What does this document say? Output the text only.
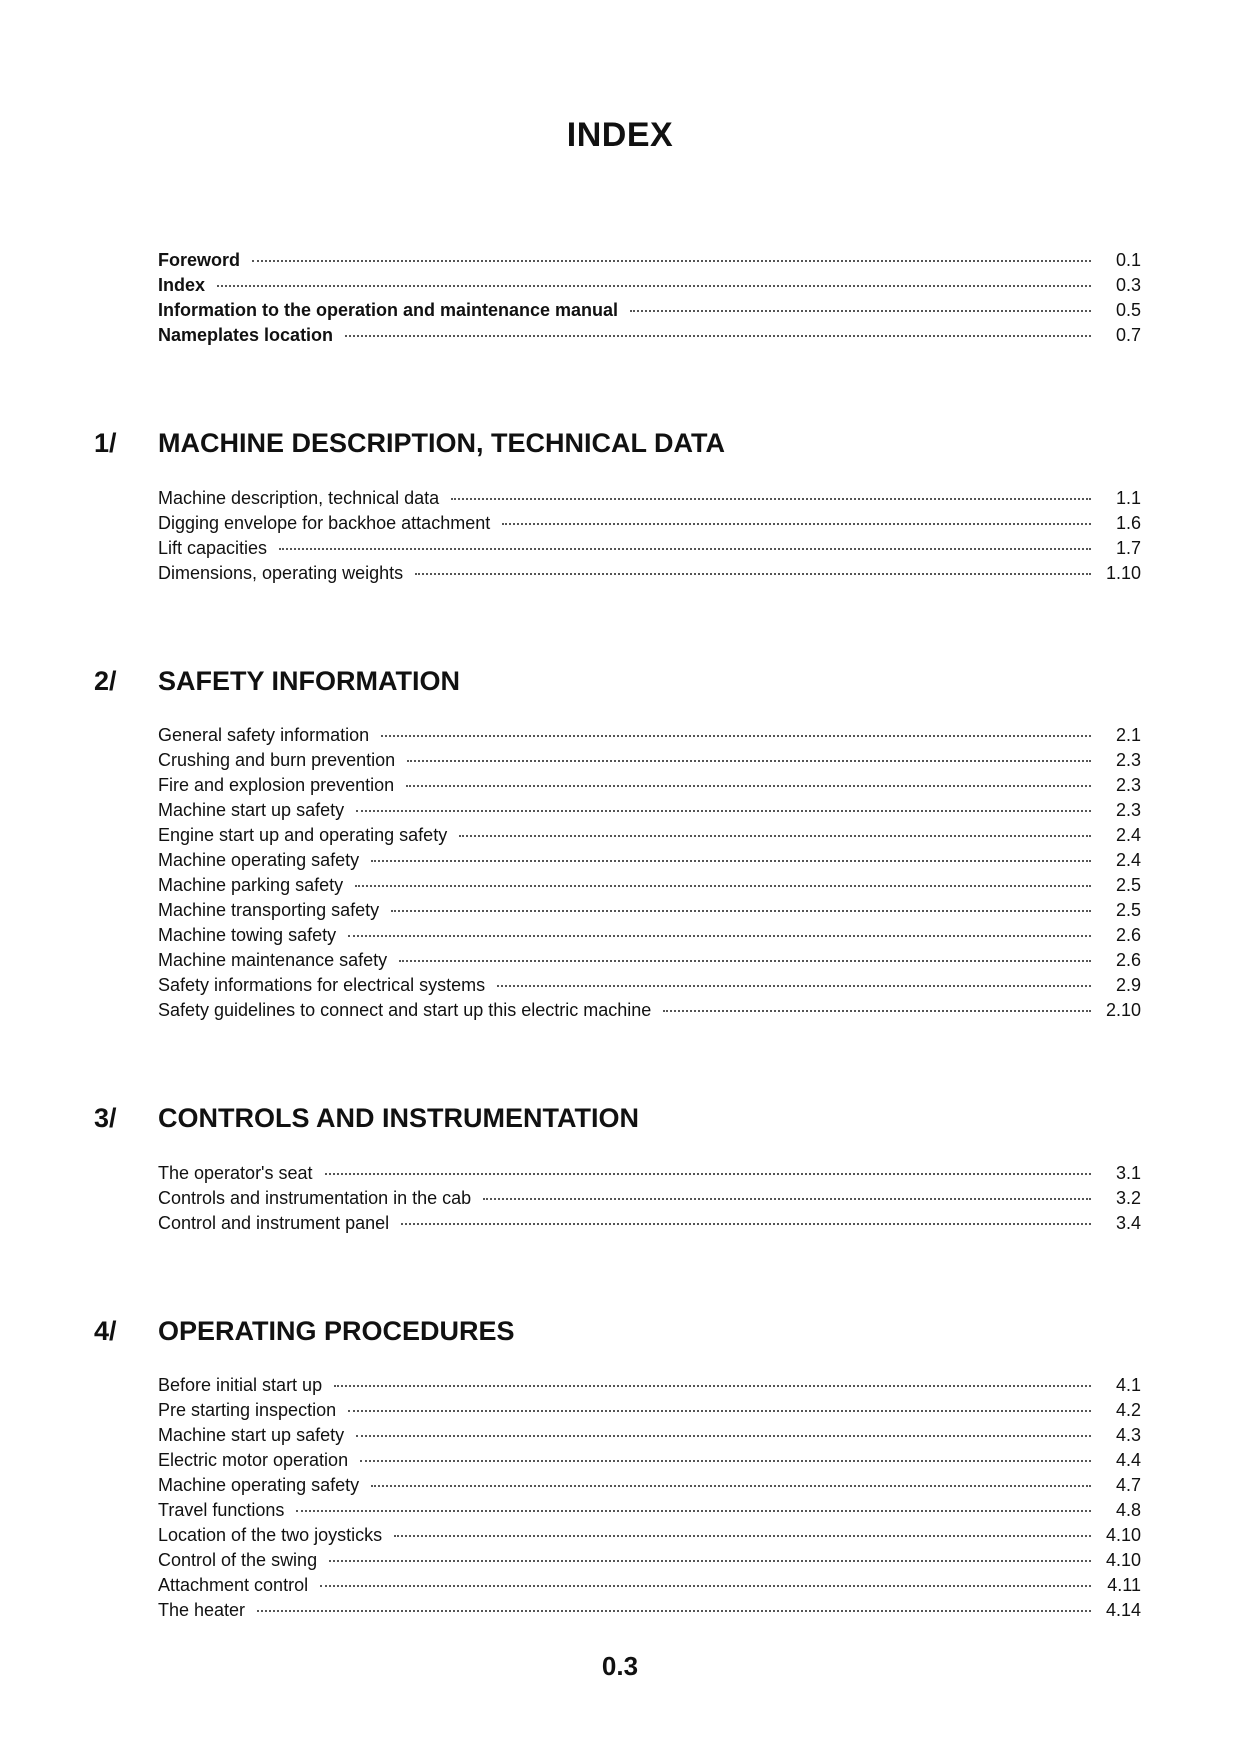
INDEX
Foreword	0.1
Index	0.3
Information to the operation and maintenance manual	0.5
Nameplates location	0.7
1/ MACHINE DESCRIPTION, TECHNICAL DATA
Machine description, technical data	1.1
Digging envelope for backhoe attachment	1.6
Lift capacities	1.7
Dimensions, operating weights	1.10
2/ SAFETY INFORMATION
General safety information	2.1
Crushing and burn prevention	2.3
Fire and explosion prevention	2.3
Machine start up safety	2.3
Engine start up and operating safety	2.4
Machine operating safety	2.4
Machine parking safety	2.5
Machine transporting safety	2.5
Machine towing safety	2.6
Machine maintenance safety	2.6
Safety informations for electrical systems	2.9
Safety guidelines to connect and start up this electric machine	2.10
3/ CONTROLS AND INSTRUMENTATION
The operator's seat	3.1
Controls and instrumentation in the cab	3.2
Control and instrument panel	3.4
4/ OPERATING PROCEDURES
Before initial start up	4.1
Pre starting inspection	4.2
Machine start up safety	4.3
Electric motor operation	4.4
Machine operating safety	4.7
Travel functions	4.8
Location of the two joysticks	4.10
Control of the swing	4.10
Attachment control	4.11
The heater	4.14
0.3
